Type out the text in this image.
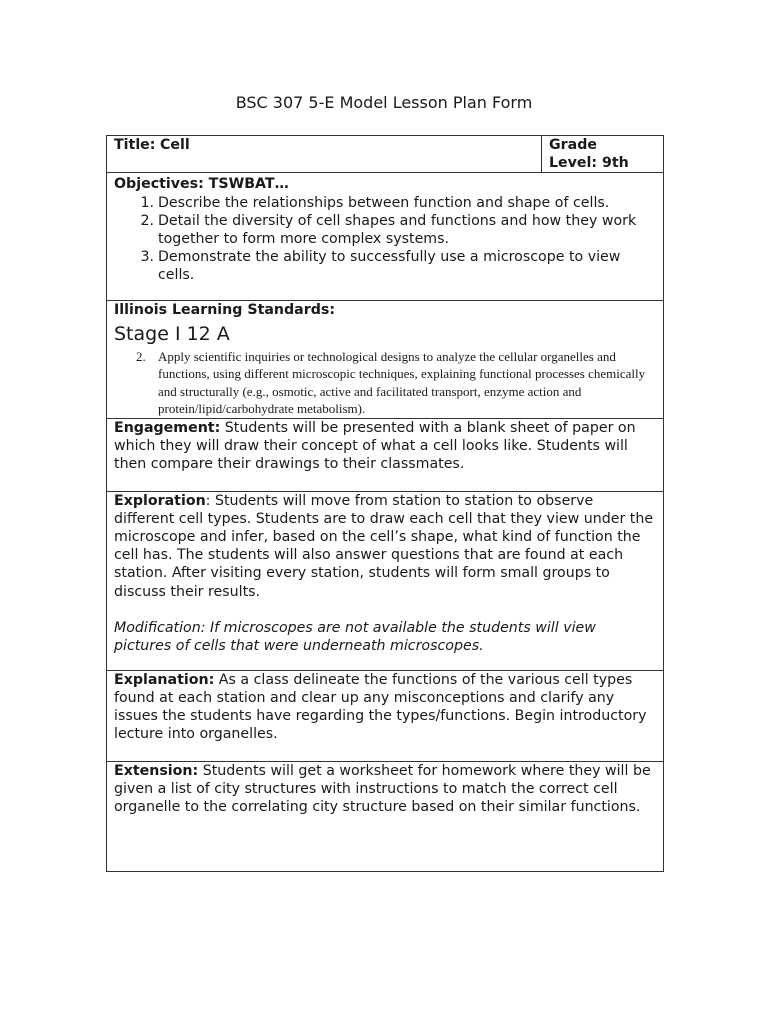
BSC 307 5-E Model Lesson Plan Form
Title: Cell	Grade
Level: 9th

Objectives: TSWBAT…
1. Describe the relationships between function and shape of cells.
2. Detail the diversity of cell shapes and functions and how they work together to form more complex systems.
3. Demonstrate the ability to successfully use a microscope to view cells.

Illinois Learning Standards:
Stage I 12 A
2. Apply scientific inquiries or technological designs to analyze the cellular organelles and functions, using different microscopic techniques, explaining functional processes chemically and structurally (e.g., osmotic, active and facilitated transport, enzyme action and protein/lipid/carbohydrate metabolism).

Engagement: Students will be presented with a blank sheet of paper on which they will draw their concept of what a cell looks like. Students will then compare their drawings to their classmates.

Exploration: Students will move from station to station to observe different cell types. Students are to draw each cell that they view under the microscope and infer, based on the cell’s shape, what kind of function the cell has. The students will also answer questions that are found at each station. After visiting every station, students will form small groups to discuss their results.

Modification: If microscopes are not available the students will view pictures of cells that were underneath microscopes.

Explanation: As a class delineate the functions of the various cell types found at each station and clear up any misconceptions and clarify any issues the students have regarding the types/functions. Begin introductory lecture into organelles.

Extension: Students will get a worksheet for homework where they will be given a list of city structures with instructions to match the correct cell organelle to the correlating city structure based on their similar functions.
